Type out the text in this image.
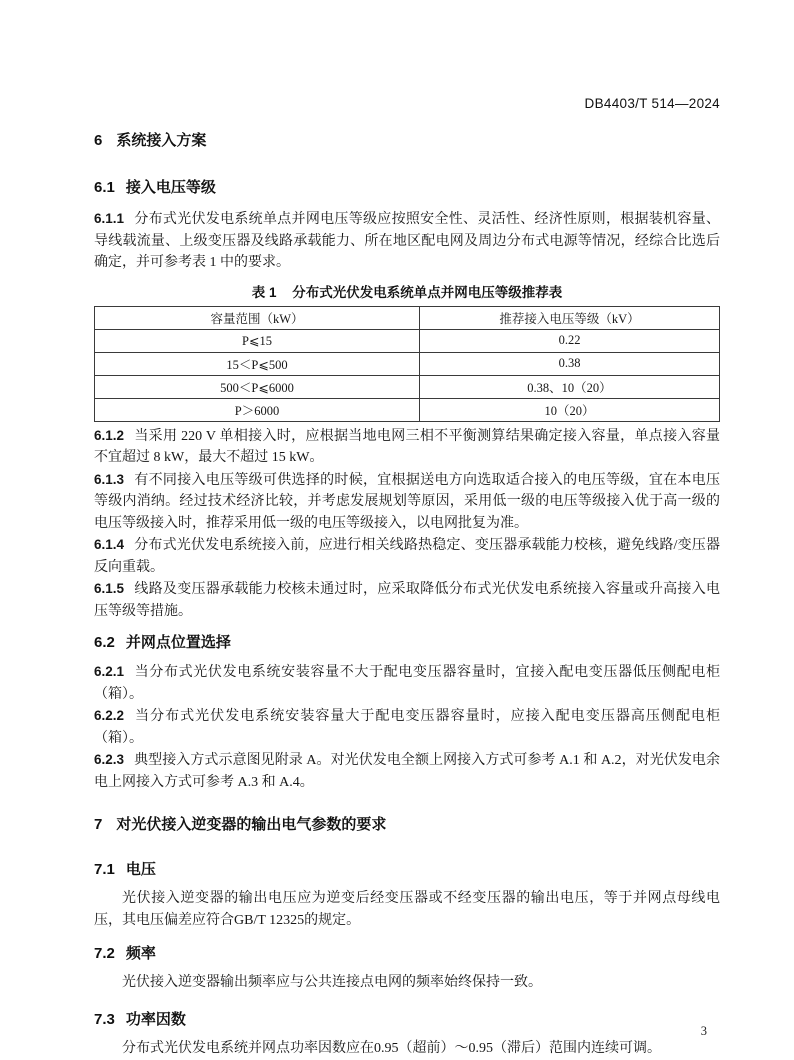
DB4403/T 514—2024
6 系统接入方案
6.1 接入电压等级

6.1.1 分布式光伏发电系统单点并网电压等级应按照安全性、灵活性、经济性原则，根据装机容量、导线载流量、上级变压器及线路承载能力、所在地区配电网及周边分布式电源等情况，经综合比选后确定，并可参考表 1 中的要求。

表 1 分布式光伏发电系统单点并网电压等级推荐表
容量范围（kW）	推荐接入电压等级（kV）
P⩽15	0.22
15＜P⩽500	0.38
500＜P⩽6000	0.38、10（20）
P＞6000	10（20）

6.1.2 当采用 220 V 单相接入时，应根据当地电网三相不平衡测算结果确定接入容量，单点接入容量不宜超过 8 kW，最大不超过 15 kW。

6.1.3 有不同接入电压等级可供选择的时候，宜根据送电方向选取适合接入的电压等级，宜在本电压等级内消纳。经过技术经济比较，并考虑发展规划等原因，采用低一级的电压等级接入优于高一级的电压等级接入时，推荐采用低一级的电压等级接入，以电网批复为准。

6.1.4 分布式光伏发电系统接入前，应进行相关线路热稳定、变压器承载能力校核，避免线路/变压器反向重载。

6.1.5 线路及变压器承载能力校核未通过时，应采取降低分布式光伏发电系统接入容量或升高接入电压等级等措施。

6.2 并网点位置选择

6.2.1 当分布式光伏发电系统安装容量不大于配电变压器容量时，宜接入配电变压器低压侧配电柜（箱）。

6.2.2 当分布式光伏发电系统安装容量大于配电变压器容量时，应接入配电变压器高压侧配电柜（箱）。

6.2.3 典型接入方式示意图见附录 A。对光伏发电全额上网接入方式可参考 A.1 和 A.2，对光伏发电余电上网接入方式可参考 A.3 和 A.4。

7 对光伏接入逆变器的输出电气参数的要求
7.1 电压

光伏接入逆变器的输出电压应为逆变后经变压器或不经变压器的输出电压，等于并网点母线电压，其电压偏差应符合GB/T 12325的规定。

7.2 频率

光伏接入逆变器输出频率应与公共连接点电网的频率始终保持一致。

7.3 功率因数

分布式光伏发电系统并网点功率因数应在0.95（超前）～0.95（滞后）范围内连续可调。

3
